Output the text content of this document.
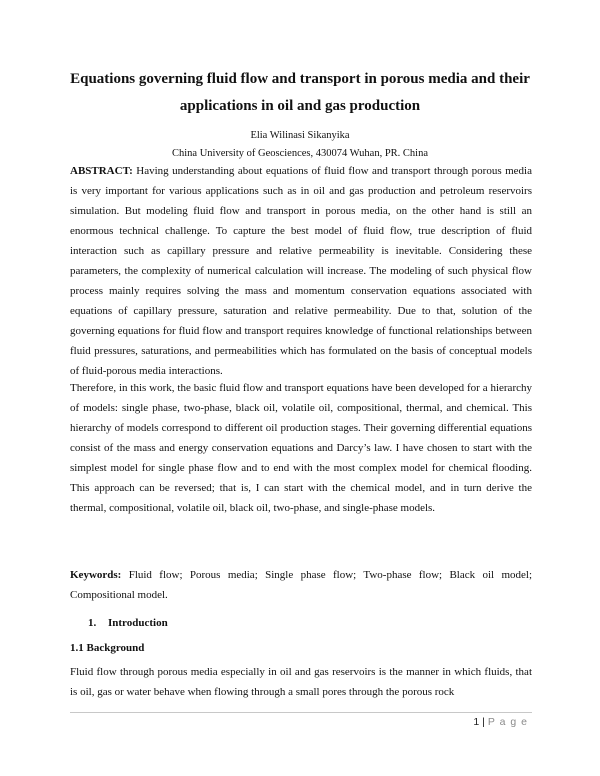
Equations governing fluid flow and transport in porous media and their
applications in oil and gas production

Elia Wilinasi Sikanyika

China University of Geosciences, 430074 Wuhan, PR. China

ABSTRACT: Having understanding about equations of fluid flow and transport through porous media is very important for various applications such as in oil and gas production and petroleum reservoirs simulation. But modeling fluid flow and transport in porous media, on the other hand is still an enormous technical challenge. To capture the best model of fluid flow, true description of fluid interaction such as capillary pressure and relative permeability is inevitable. Considering these parameters, the complexity of numerical calculation will increase. The modeling of such physical flow process mainly requires solving the mass and momentum conservation equations associated with equations of capillary pressure, saturation and relative permeability. Due to that, solution of the governing equations for fluid flow and transport requires knowledge of functional relationships between fluid pressures, saturations, and permeabilities which has formulated on the basis of conceptual models of fluid-porous media interactions.

Therefore, in this work, the basic fluid flow and transport equations have been developed for a hierarchy of models: single phase, two-phase, black oil, volatile oil, compositional, thermal, and chemical. This hierarchy of models correspond to different oil production stages. Their governing differential equations consist of the mass and energy conservation equations and Darcy’s law. I have chosen to start with the simplest model for single phase flow and to end with the most complex model for chemical flooding. This approach can be reversed; that is, I can start with the chemical model, and in turn derive the thermal, compositional, volatile oil, black oil, two-phase, and single-phase models.

Keywords: Fluid flow; Porous media; Single phase flow; Two-phase flow; Black oil model; Compositional model.

1. Introduction
1.1 Background

Fluid flow through porous media especially in oil and gas reservoirs is the manner in which fluids, that is oil, gas or water behave when flowing through a small pores through the porous rock

1 | P a g e
